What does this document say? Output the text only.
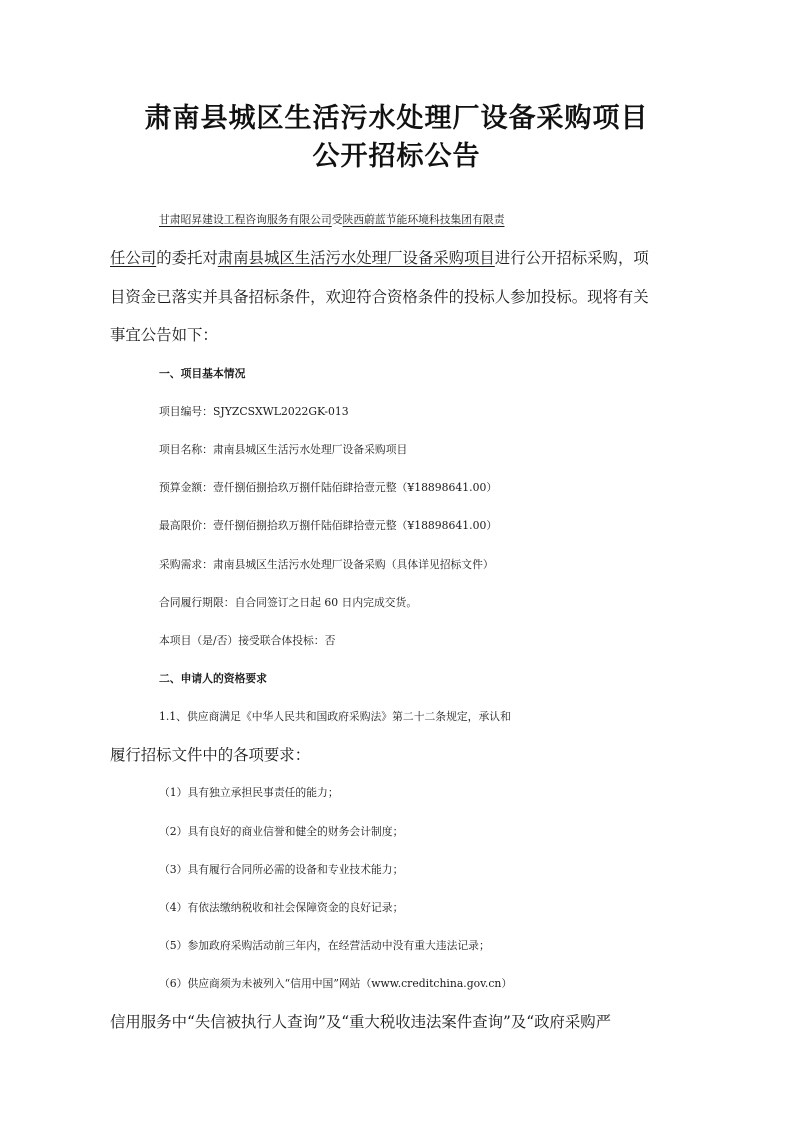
肃南县城区生活污水处理厂设备采购项目
公开招标公告
甘肃昭昇建设工程咨询服务有限公司受陕西蔚蓝节能环境科技集团有限责
任公司的委托对肃南县城区生活污水处理厂设备采购项目进行公开招标采购，项
目资金已落实并具备招标条件，欢迎符合资格条件的投标人参加投标。现将有关
事宜公告如下：
一、项目基本情况
项目编号：SJYZCSXWL2022GK-013
项目名称：肃南县城区生活污水处理厂设备采购项目
预算金额：壹仟捌佰捌拾玖万捌仟陆佰肆拾壹元整（¥18898641.00）
最高限价：壹仟捌佰捌拾玖万捌仟陆佰肆拾壹元整（¥18898641.00）
采购需求：肃南县城区生活污水处理厂设备采购（具体详见招标文件）
合同履行期限：自合同签订之日起 60 日内完成交货。
本项目（是/否）接受联合体投标：否
二、申请人的资格要求
1.1、供应商满足《中华人民共和国政府采购法》第二十二条规定，承认和
履行招标文件中的各项要求：
（1）具有独立承担民事责任的能力；
（2）具有良好的商业信誉和健全的财务会计制度；
（3）具有履行合同所必需的设备和专业技术能力；
（4）有依法缴纳税收和社会保障资金的良好记录；
（5）参加政府采购活动前三年内，在经营活动中没有重大违法记录；
（6）供应商须为未被列入“信用中国”网站（www.creditchina.gov.cn）
信用服务中“失信被执行人查询”及“重大税收违法案件查询”及“政府采购严
